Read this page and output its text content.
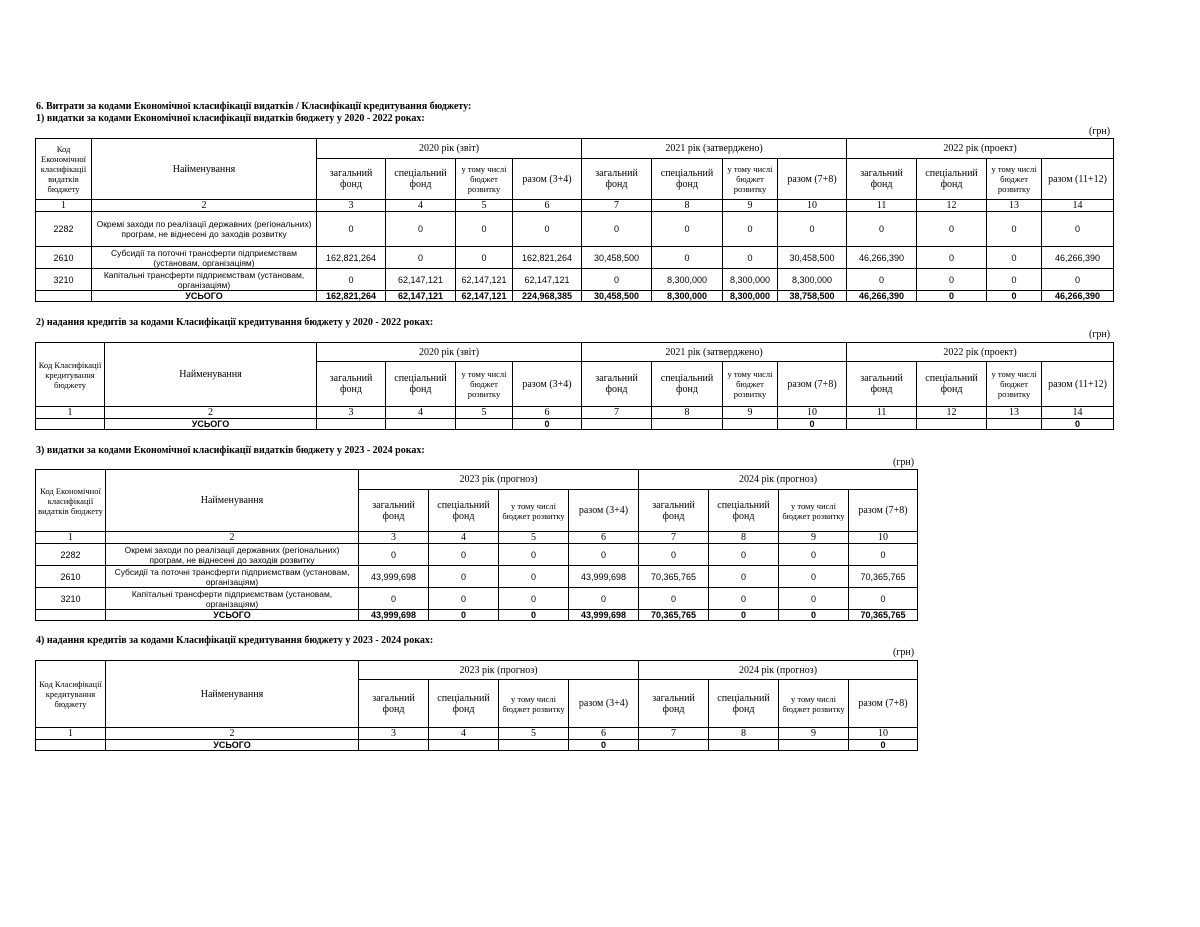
6. Витрати за кодами Економічної класифікації видатків / Класифікації кредитування бюджету:
1) видатки за кодами Економічної класифікації видатків бюджету у 2020 - 2022 роках:
(грн)
Код Економічної класифікації видатків бюджету	Найменування	2020 рік (звіт)				2021 рік (затверджено)				2022 рік (проект)			
		загальний фонд	спеціальний фонд	у тому числі бюджет розвитку	разом (3+4)	загальний фонд	спеціальний фонд	у тому числі бюджет розвитку	разом (7+8)	загальний фонд	спеціальний фонд	у тому числі бюджет розвитку	разом (11+12)
1	2	3	4	5	6	7	8	9	10	11	12	13	14
2282	Окремі заходи по реалізації державних (регіональних) програм, не віднесені до заходів розвитку	0	0	0	0	0	0	0	0	0	0	0	0
2610	Субсидії та поточні трансферти підприємствам (установам, організаціям)	162,821,264	0	0	162,821,264	30,458,500	0	0	30,458,500	46,266,390	0	0	46,266,390
3210	Капітальні трансферти підприємствам (установам, організаціям)	0	62,147,121	62,147,121	62,147,121	0	8,300,000	8,300,000	8,300,000	0	0	0	0
	УСЬОГО	162,821,264	62,147,121	62,147,121	224,968,385	30,458,500	8,300,000	8,300,000	38,758,500	46,266,390	0	0	46,266,390
2) надання кредитів за кодами Класифікації кредитування бюджету у 2020 - 2022 роках:
(грн)
Код Класифікації кредитування бюджету	Найменування	2020 рік (звіт)				2021 рік (затверджено)				2022 рік (проект)			
		загальний фонд	спеціальний фонд	у тому числі бюджет розвитку	разом (3+4)	загальний фонд	спеціальний фонд	у тому числі бюджет розвитку	разом (7+8)	загальний фонд	спеціальний фонд	у тому числі бюджет розвитку	разом (11+12)
1	2	3	4	5	6	7	8	9	10	11	12	13	14
	УСЬОГО				0				0				0
3) видатки за кодами Економічної класифікації видатків бюджету у 2023 - 2024 роках:
(грн)
Код Економічної класифікації видатків бюджету	Найменування	2023 рік (прогноз)				2024 рік (прогноз)			
		загальний фонд	спеціальний фонд	у тому числі бюджет розвитку	разом (3+4)	загальний фонд	спеціальний фонд	у тому числі бюджет розвитку	разом (7+8)
1	2	3	4	5	6	7	8	9	10
2282	Окремі заходи по реалізації державних (регіональних) програм, не віднесені до заходів розвитку	0	0	0	0	0	0	0	0
2610	Субсидії та поточні трансферти підприємствам (установам, організаціям)	43,999,698	0	0	43,999,698	70,365,765	0	0	70,365,765
3210	Капітальні трансферти підприємствам (установам, організаціям)	0	0	0	0	0	0	0	0
	УСЬОГО	43,999,698	0	0	43,999,698	70,365,765	0	0	70,365,765
4) надання кредитів за кодами Класифікації кредитування бюджету у 2023 - 2024 роках:
(грн)
Код Класифікації кредитування бюджету	Найменування	2023 рік (прогноз)				2024 рік (прогноз)			
		загальний фонд	спеціальний фонд	у тому числі бюджет розвитку	разом (3+4)	загальний фонд	спеціальний фонд	у тому числі бюджет розвитку	разом (7+8)
1	2	3	4	5	6	7	8	9	10
	УСЬОГО				0				0
